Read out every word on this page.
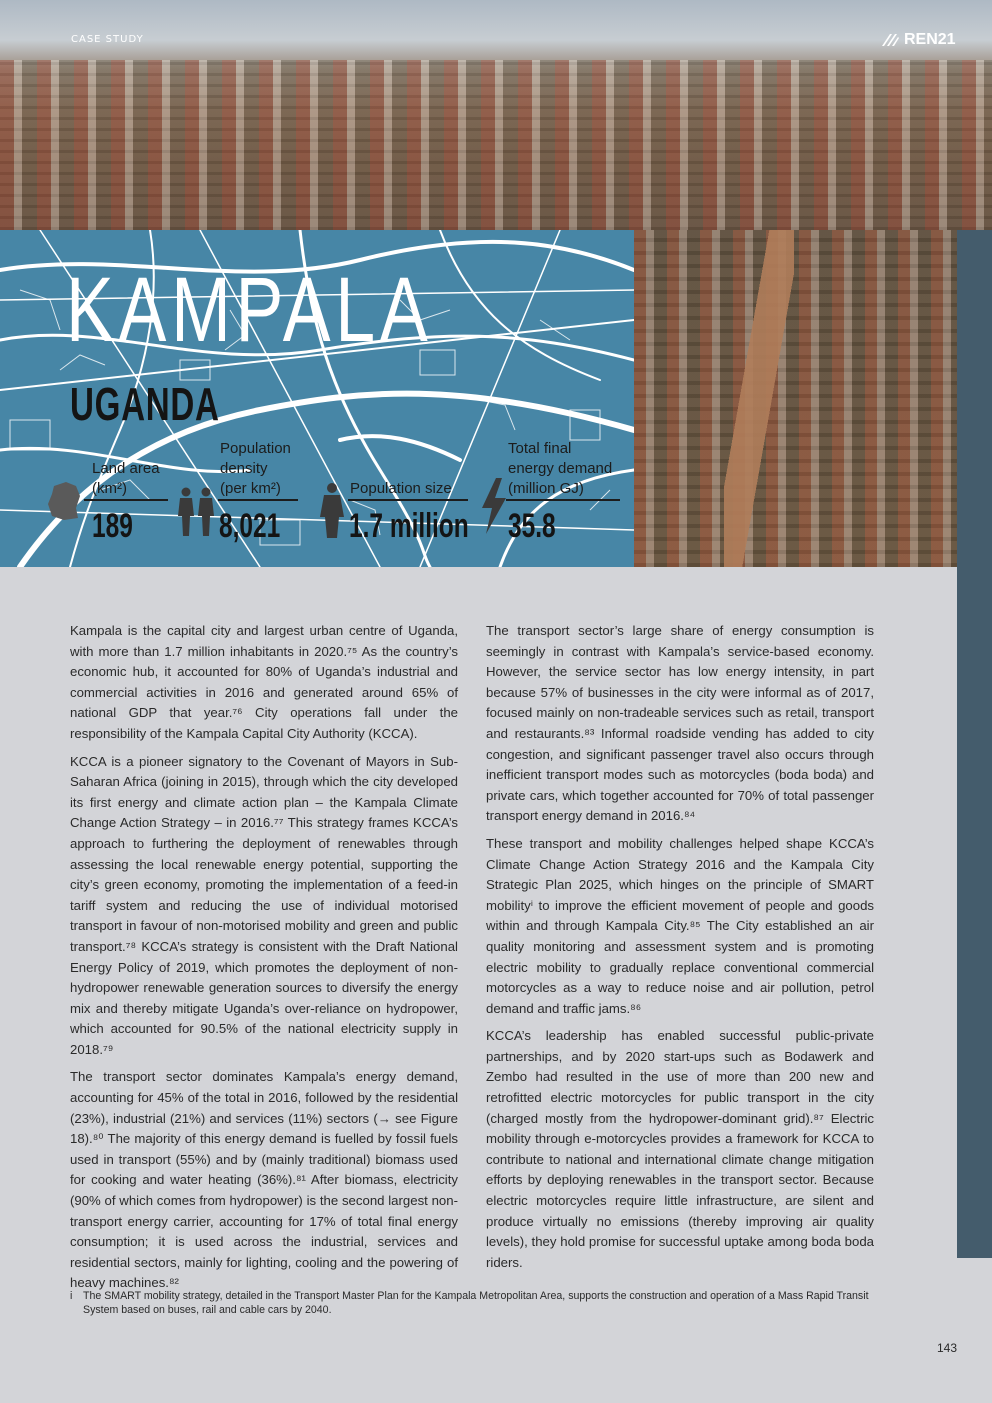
CASE STUDY	REN21
KAMPALA
UGANDA
Land area
(km²)
189
Population
density
(per km²)
8,021
Population size
1.7 million
Total final
energy demand
(million GJ)
35.8

Kampala is the capital city and largest urban centre of Uganda, with more than 1.7 million inhabitants in 2020.⁷⁵ As the country’s economic hub, it accounted for 80% of Uganda’s industrial and commercial activities in 2016 and generated around 65% of national GDP that year.⁷⁶ City operations fall under the responsibility of the Kampala Capital City Authority (KCCA).

KCCA is a pioneer signatory to the Covenant of Mayors in Sub-Saharan Africa (joining in 2015), through which the city developed its first energy and climate action plan – the Kampala Climate Change Action Strategy – in 2016.⁷⁷ This strategy frames KCCA’s approach to furthering the deployment of renewables through assessing the local renewable energy potential, supporting the city’s green economy, promoting the implementation of a feed-in tariff system and reducing the use of individual motorised transport in favour of non-motorised mobility and green and public transport.⁷⁸ KCCA’s strategy is consistent with the Draft National Energy Policy of 2019, which promotes the deployment of non-hydropower renewable generation sources to diversify the energy mix and thereby mitigate Uganda’s over-reliance on hydropower, which accounted for 90.5% of the national electricity supply in 2018.⁷⁹

The transport sector dominates Kampala’s energy demand, accounting for 45% of the total in 2016, followed by the residential (23%), industrial (21%) and services (11%) sectors (→ see Figure 18).⁸⁰ The majority of this energy demand is fuelled by fossil fuels used in transport (55%) and by (mainly traditional) biomass used for cooking and water heating (36%).⁸¹ After biomass, electricity (90% of which comes from hydropower) is the second largest non-transport energy carrier, accounting for 17% of total final energy consumption; it is used across the industrial, services and residential sectors, mainly for lighting, cooling and the powering of heavy machines.⁸²

The transport sector’s large share of energy consumption is seemingly in contrast with Kampala’s service-based economy. However, the service sector has low energy intensity, in part because 57% of businesses in the city were informal as of 2017, focused mainly on non-tradeable services such as retail, transport and restaurants.⁸³ Informal roadside vending has added to city congestion, and significant passenger travel also occurs through inefficient transport modes such as motorcycles (boda boda) and private cars, which together accounted for 70% of total passenger transport energy demand in 2016.⁸⁴

These transport and mobility challenges helped shape KCCA’s Climate Change Action Strategy 2016 and the Kampala City Strategic Plan 2025, which hinges on the principle of SMART mobilityⁱ to improve the efficient movement of people and goods within and through Kampala City.⁸⁵ The City established an air quality monitoring and assessment system and is promoting electric mobility to gradually replace conventional commercial motorcycles as a way to reduce noise and air pollution, petrol demand and traffic jams.⁸⁶

KCCA’s leadership has enabled successful public-private partnerships, and by 2020 start-ups such as Bodawerk and Zembo had resulted in the use of more than 200 new and retrofitted electric motorcycles for public transport in the city (charged mostly from the hydropower-dominant grid).⁸⁷ Electric mobility through e-motorcycles provides a framework for KCCA to contribute to national and international climate change mitigation efforts by deploying renewables in the transport sector. Because electric motorcycles require little infrastructure, are silent and produce virtually no emissions (thereby improving air quality levels), they hold promise for successful uptake among boda boda riders.

i The SMART mobility strategy, detailed in the Transport Master Plan for the Kampala Metropolitan Area, supports the construction and operation of a Mass Rapid Transit System based on buses, rail and cable cars by 2040.
143
